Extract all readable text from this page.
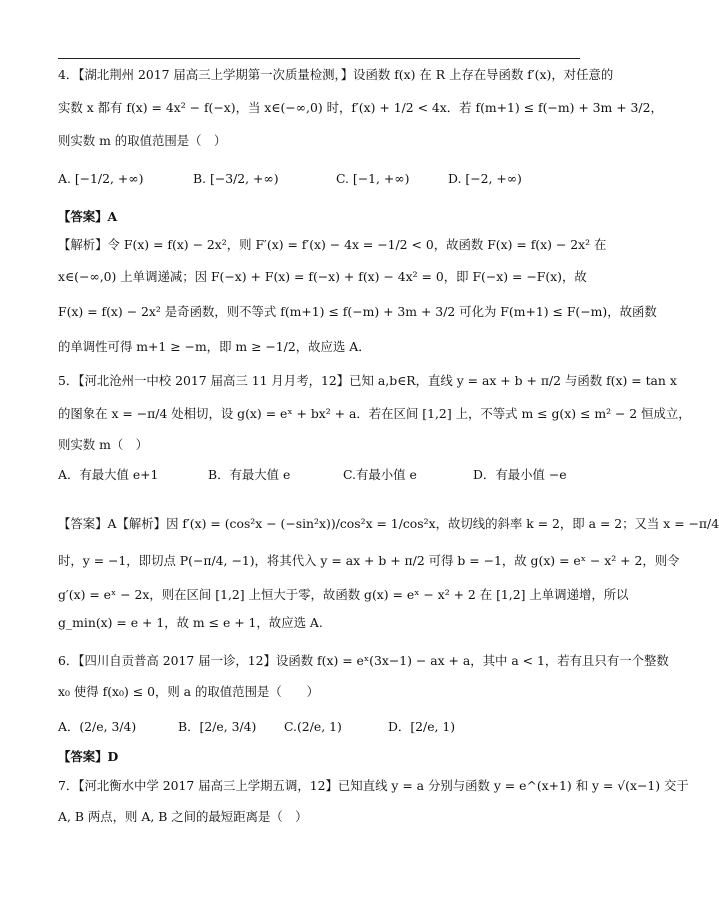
4．【湖北荆州 2017 届高三上学期第一次质量检测，】设函数 f(x) 在 R 上存在导函数 f′(x)，对任意的
实数 x 都有 f(x) = 4x² − f(−x)，当 x∈(−∞,0) 时，f′(x) + 1/2 < 4x．若 f(m+1) ≤ f(−m) + 3m + 3/2，
则实数 m 的取值范围是（　）
A. [−1/2, +∞)	B. [−3/2, +∞)	C. [−1, +∞)	D. [−2, +∞)
【答案】A
【解析】令 F(x) = f(x) − 2x²，则 F′(x) = f′(x) − 4x = −1/2 < 0，故函数 F(x) = f(x) − 2x² 在
x∈(−∞,0) 上单调递减；因 F(−x) + F(x) = f(−x) + f(x) − 4x² = 0，即 F(−x) = −F(x)，故
F(x) = f(x) − 2x² 是奇函数，则不等式 f(m+1) ≤ f(−m) + 3m + 3/2 可化为 F(m+1) ≤ F(−m)，故函数
的单调性可得 m+1 ≥ −m，即 m ≥ −1/2，故应选 A．
5．【河北沧州一中校 2017 届高三 11 月月考，12】已知 a,b∈R，直线 y = ax + b + π/2 与函数 f(x) = tan x
的图象在 x = −π/4 处相切，设 g(x) = eˣ + bx² + a．若在区间 [1,2] 上，不等式 m ≤ g(x) ≤ m² − 2 恒成立，
则实数 m（　）
A．有最大值 e+1	B．有最大值 e	C.有最小值 e	D．有最小值 −e
【答案】A【解析】因 f′(x) = (cos²x − (−sin²x))/cos²x = 1/cos²x，故切线的斜率 k = 2，即 a = 2；又当 x = −π/4
时，y = −1，即切点 P(−π/4, −1)，将其代入 y = ax + b + π/2 可得 b = −1，故 g(x) = eˣ − x² + 2，则令
g′(x) = eˣ − 2x，则在区间 [1,2] 上恒大于零，故函数 g(x) = eˣ − x² + 2 在 [1,2] 上单调递增，所以
g_min(x) = e + 1，故 m ≤ e + 1，故应选 A.
6．【四川自贡普高 2017 届一诊，12】设函数 f(x) = eˣ(3x−1) − ax + a，其中 a < 1，若有且只有一个整数
x₀ 使得 f(x₀) ≤ 0，则 a 的取值范围是（　　）
A．(2/e, 3/4)	B．[2/e, 3/4) C.(2/e, 1)	D．[2/e, 1)
【答案】D
7．【河北衡水中学 2017 届高三上学期五调，12】已知直线 y = a 分别与函数 y = e^(x+1) 和 y = √(x−1) 交于
A, B 两点，则 A, B 之间的最短距离是（　）
